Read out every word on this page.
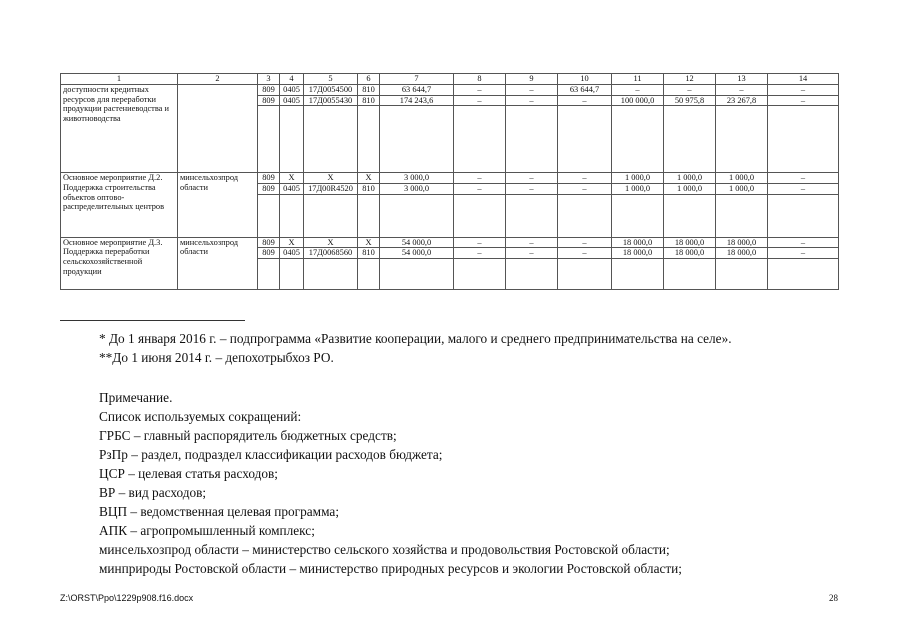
1	2	3	4	5	6	7	8	9	10	11	12	13	14
доступности кредитных ресурсов для переработки продукции растениеводства и животноводства		809	0405	17Д0054500	810	63 644,7	–	–	63 644,7	–	–	–	–
		809	0405	17Д0055430	810	174 243,6	–	–	–	100 000,0	50 975,8	23 267,8	–

Основное мероприятие Д.2. Поддержка строительства объектов оптово-распределительных центров	минсельхозпрод области	809	Х	Х	Х	3 000,0	–	–	–	1 000,0	1 000,0	1 000,0	–
		809	0405	17Д00R4520	810	3 000,0	–	–	–	1 000,0	1 000,0	1 000,0	–

Основное мероприятие Д.3. Поддержка переработки сельскохозяйственной продукции	минсельхозпрод области	809	Х	Х	Х	54 000,0	–	–	–	18 000,0	18 000,0	18 000,0	–
		809	0405	17Д0068560	810	54 000,0	–	–	–	18 000,0	18 000,0	18 000,0	–

* До 1 января 2016 г. – подпрограмма «Развитие кооперации, малого и среднего предпринимательства на селе».

**До 1 июня 2014 г. – депохотрыбхоз РО.

Примечание.

Список используемых сокращений:

ГРБС – главный распорядитель бюджетных средств;

РзПр – раздел, подраздел классификации расходов бюджета;

ЦСР – целевая статья расходов;

ВР – вид расходов;

ВЦП – ведомственная целевая программа;

АПК – агропромышленный комплекс;

минсельхозпрод области – министерство сельского хозяйства и продовольствия Ростовской области;

минприроды Ростовской области – министерство природных ресурсов и экологии Ростовской области;

Z:\ORST\Ppo\1229p908.f16.docx	28
